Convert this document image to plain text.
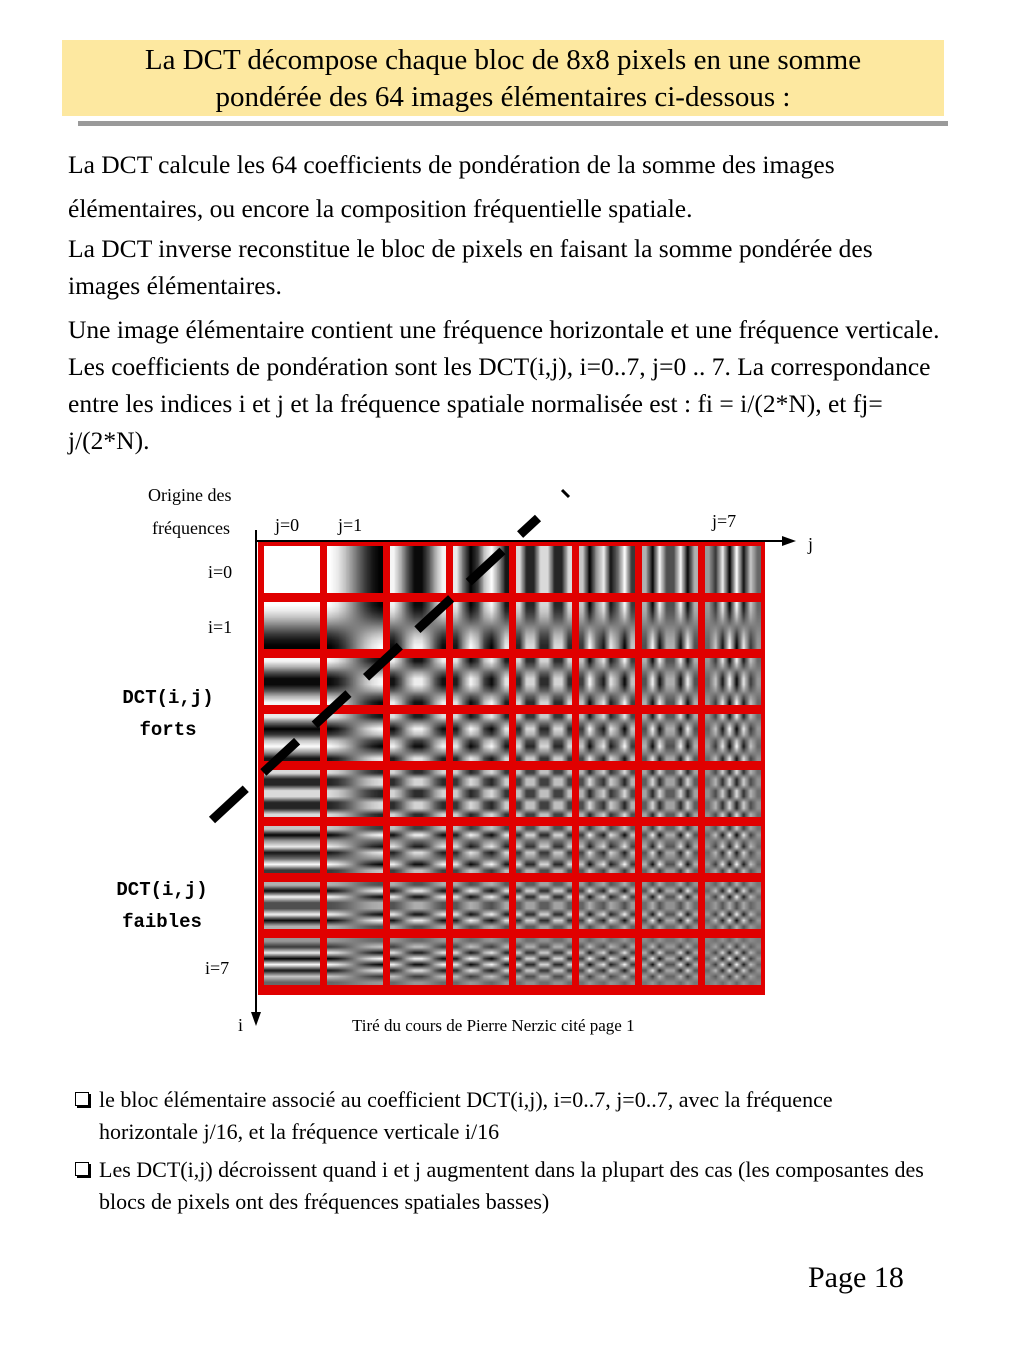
La DCT décompose chaque bloc de 8x8 pixels en une somme
pondérée des 64 images élémentaires ci-dessous :

La DCT calcule les 64 coefficients de pondération de la somme des images élémentaires, ou encore la composition fréquentielle spatiale.

La DCT inverse reconstitue le bloc de pixels en faisant la somme pondérée des images élémentaires.

Une image élémentaire contient une fréquence horizontale et une fréquence verticale. Les coefficients de pondération sont les DCT(i,j), i=0..7, j=0 .. 7. La correspondance entre les indices i et j et la fréquence spatiale normalisée est : fi = i/(2*N), et fj= j/(2*N).

Origine des
fréquences	j=0 j=1	j=7
j
i=0
i=1
i=7
i
DCT(i,j)
forts
DCT(i,j)
faibles
Tiré du cours de Pierre Nerzic cité page 1
le bloc élémentaire associé au coefficient DCT(i,j), i=0..7, j=0..7, avec la fréquence horizontale j/16, et la fréquence verticale i/16
Les DCT(i,j) décroissent quand i et j augmentent dans la plupart des cas (les composantes des blocs de pixels ont des fréquences spatiales basses)
Page 18
